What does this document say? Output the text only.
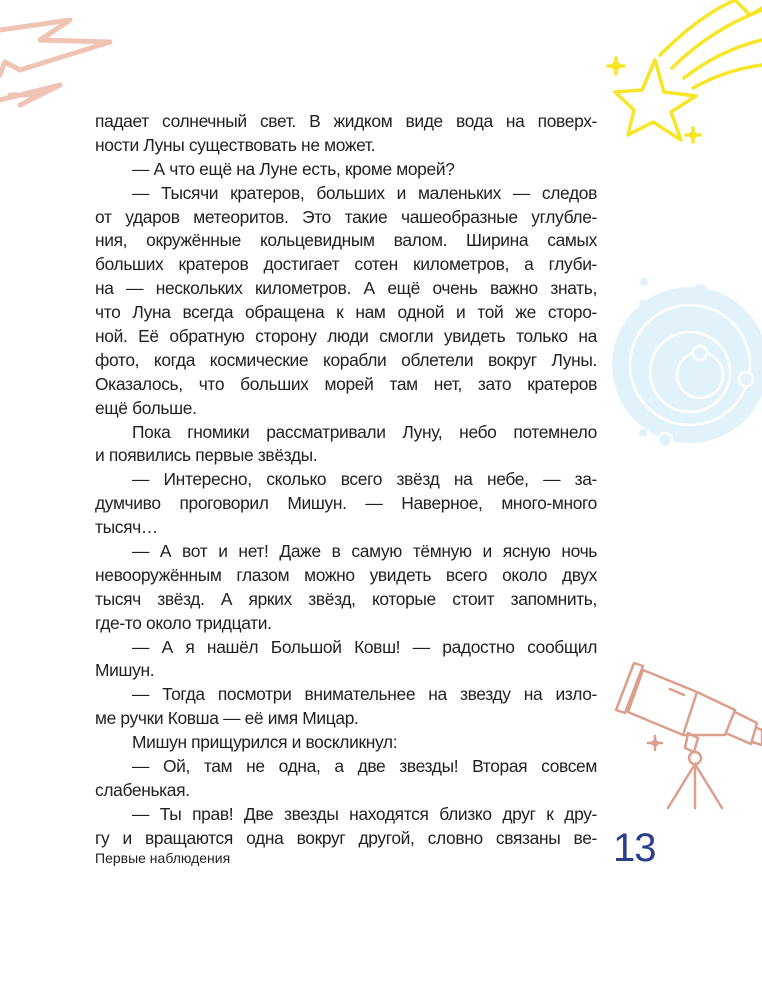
падает солнечный свет. В жидком виде вода на поверх-
ности Луны существовать не может.
— А что ещё на Луне есть, кроме морей?
— Тысячи кратеров, больших и маленьких — следов
от ударов метеоритов. Это такие чашеобразные углубле-
ния, окружённые кольцевидным валом. Ширина самых
больших кратеров достигает сотен километров, а глуби-
на — нескольких километров. А ещё очень важно знать,
что Луна всегда обращена к нам одной и той же сторо-
ной. Её обратную сторону люди смогли увидеть только на
фото, когда космические корабли облетели вокруг Луны.
Оказалось, что больших морей там нет, зато кратеров
ещё больше.
Пока гномики рассматривали Луну, небо потемнело
и появились первые звёзды.
— Интересно, сколько всего звёзд на небе, — за-
думчиво проговорил Мишун. — Наверное, много-много
тысяч…
— А вот и нет! Даже в самую тёмную и ясную ночь
невооружённым глазом можно увидеть всего около двух
тысяч звёзд. А ярких звёзд, которые стоит запомнить,
где-то около тридцати.
— А я нашёл Большой Ковш! — радостно сообщил
Мишун.
— Тогда посмотри внимательнее на звезду на изло-
ме ручки Ковша — её имя Мицар.
Мишун прищурился и воскликнул:
— Ой, там не одна, а две звезды! Вторая совсем
слабенькая.
— Ты прав! Две звезды находятся близко друг к дру-
гу и вращаются одна вокруг другой, словно связаны ве-
Первые наблюдения	13
